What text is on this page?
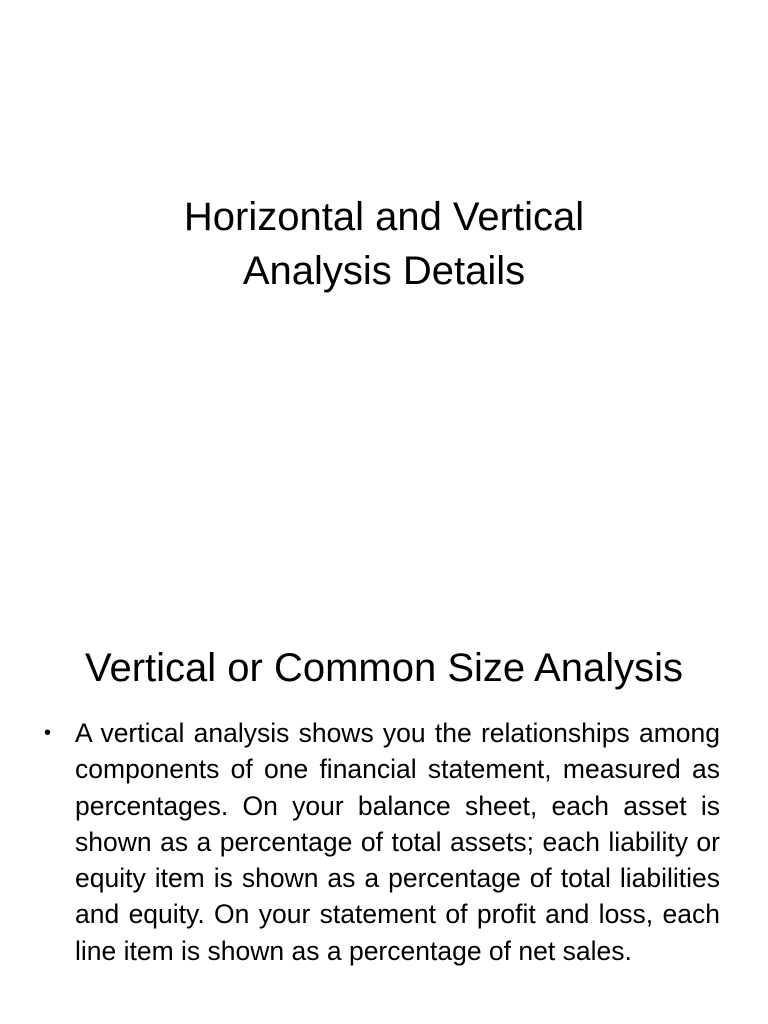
Horizontal and Vertical
Analysis Details
Vertical or Common Size Analysis
• A vertical analysis shows you the relationships among components of one financial statement, measured as percentages. On your balance sheet, each asset is shown as a percentage of total assets; each liability or equity item is shown as a percentage of total liabilities and equity. On your statement of profit and loss, each line item is shown as a percentage of net sales.
